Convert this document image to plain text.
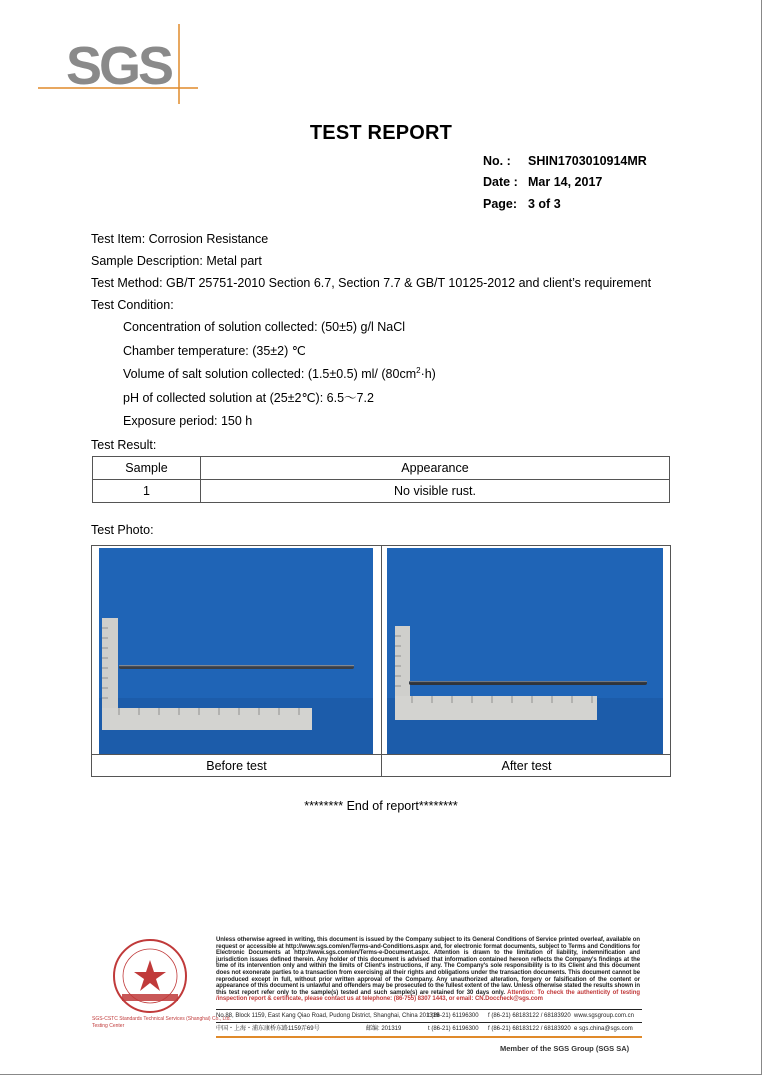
SGS
TEST REPORT
No. :	SHIN1703010914MR
Date : Mar 14, 2017
Page: 3 of 3
Test Item: Corrosion Resistance
Sample Description: Metal part
Test Method: GB/T 25751-2010 Section 6.7, Section 7.7 & GB/T 10125-2012 and client’s requirement
Test Condition:
Concentration of solution collected: (50±5) g/l NaCl
Chamber temperature: (35±2) ℃
Volume of salt solution collected: (1.5±0.5) ml/ $(80cm^2\cdot h)$
pH of collected solution at (25±2℃): 6.5～7.2
Exposure period: 150 h
Test Result:
Sample	Appearance
1	No visible rust.
Test Photo:
Before test	After test
******** End of report********
SGS-CSTC Standards Technical Services (Shanghai) Co., Ltd.
Testing Center
Unless otherwise agreed in writing, this document is issued by the Company subject to its General Conditions of Service printed overleaf, available on request or accessible at http://www.sgs.com/en/Terms-and-Conditions.aspx and, for electronic format documents, subject to Terms and Conditions for Electronic Documents at http://www.sgs.com/en/Terms-e-Document.aspx. Attention is drawn to the limitation of liability, indemnification and jurisdiction issues defined therein. Any holder of this document is advised that information contained hereon reflects the Company's findings at the time of its intervention only and within the limits of Client's instructions, if any. The Company's sole responsibility is to its Client and this document does not exonerate parties to a transaction from exercising all their rights and obligations under the transaction documents. This document cannot be reproduced except in full, without prior written approval of the Company. Any unauthorized alteration, forgery or falsification of the content or appearance of this document is unlawful and offenders may be prosecuted to the fullest extent of the law. Unless otherwise stated the results shown in this test report refer only to the sample(s) tested and such sample(s) are retained for 30 days only. Attention: To check the authenticity of testing /inspection report & certificate, please contact us at telephone: (86-755) 8307 1443, or email: CN.Doccheck@sgs.com
No.88, Block 1159, East Kang Qiao Road, Pudong District, Shanghai, China 201319
t (86-21) 61196300 f (86-21) 68183122 / 68183920 www.sgsgroup.com.cn
中国・上海・浦东康桥东路1159弄69号	邮编: 201319	t (86-21) 61196300 f (86-21) 68183122 / 68183920 e sgs.china@sgs.com
Member of the SGS Group (SGS SA)
